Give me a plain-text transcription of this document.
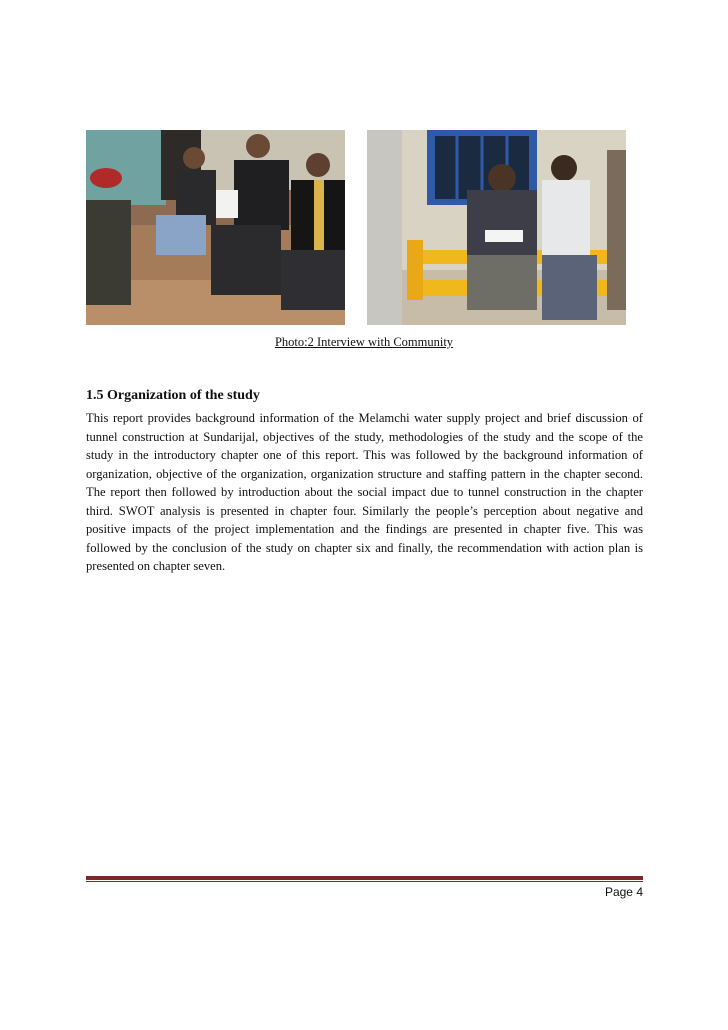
Photo:2 Interview with Community
1.5 Organization of the study

This report provides background information of the Melamchi water supply project and brief discussion of tunnel construction at Sundarijal, objectives of the study, methodologies of the study and the scope of the study in the introductory chapter one of this report. This was followed by the background information of organization, objective of the organization, organization structure and staffing pattern in the chapter second. The report then followed by introduction about the social impact due to tunnel construction in the chapter third. SWOT analysis is presented in chapter four. Similarly the people’s perception about negative and positive impacts of the project implementation and the findings are presented in chapter five. This was followed by the conclusion of the study on chapter six and finally, the recommendation with action plan is presented on chapter seven.

Page 4
